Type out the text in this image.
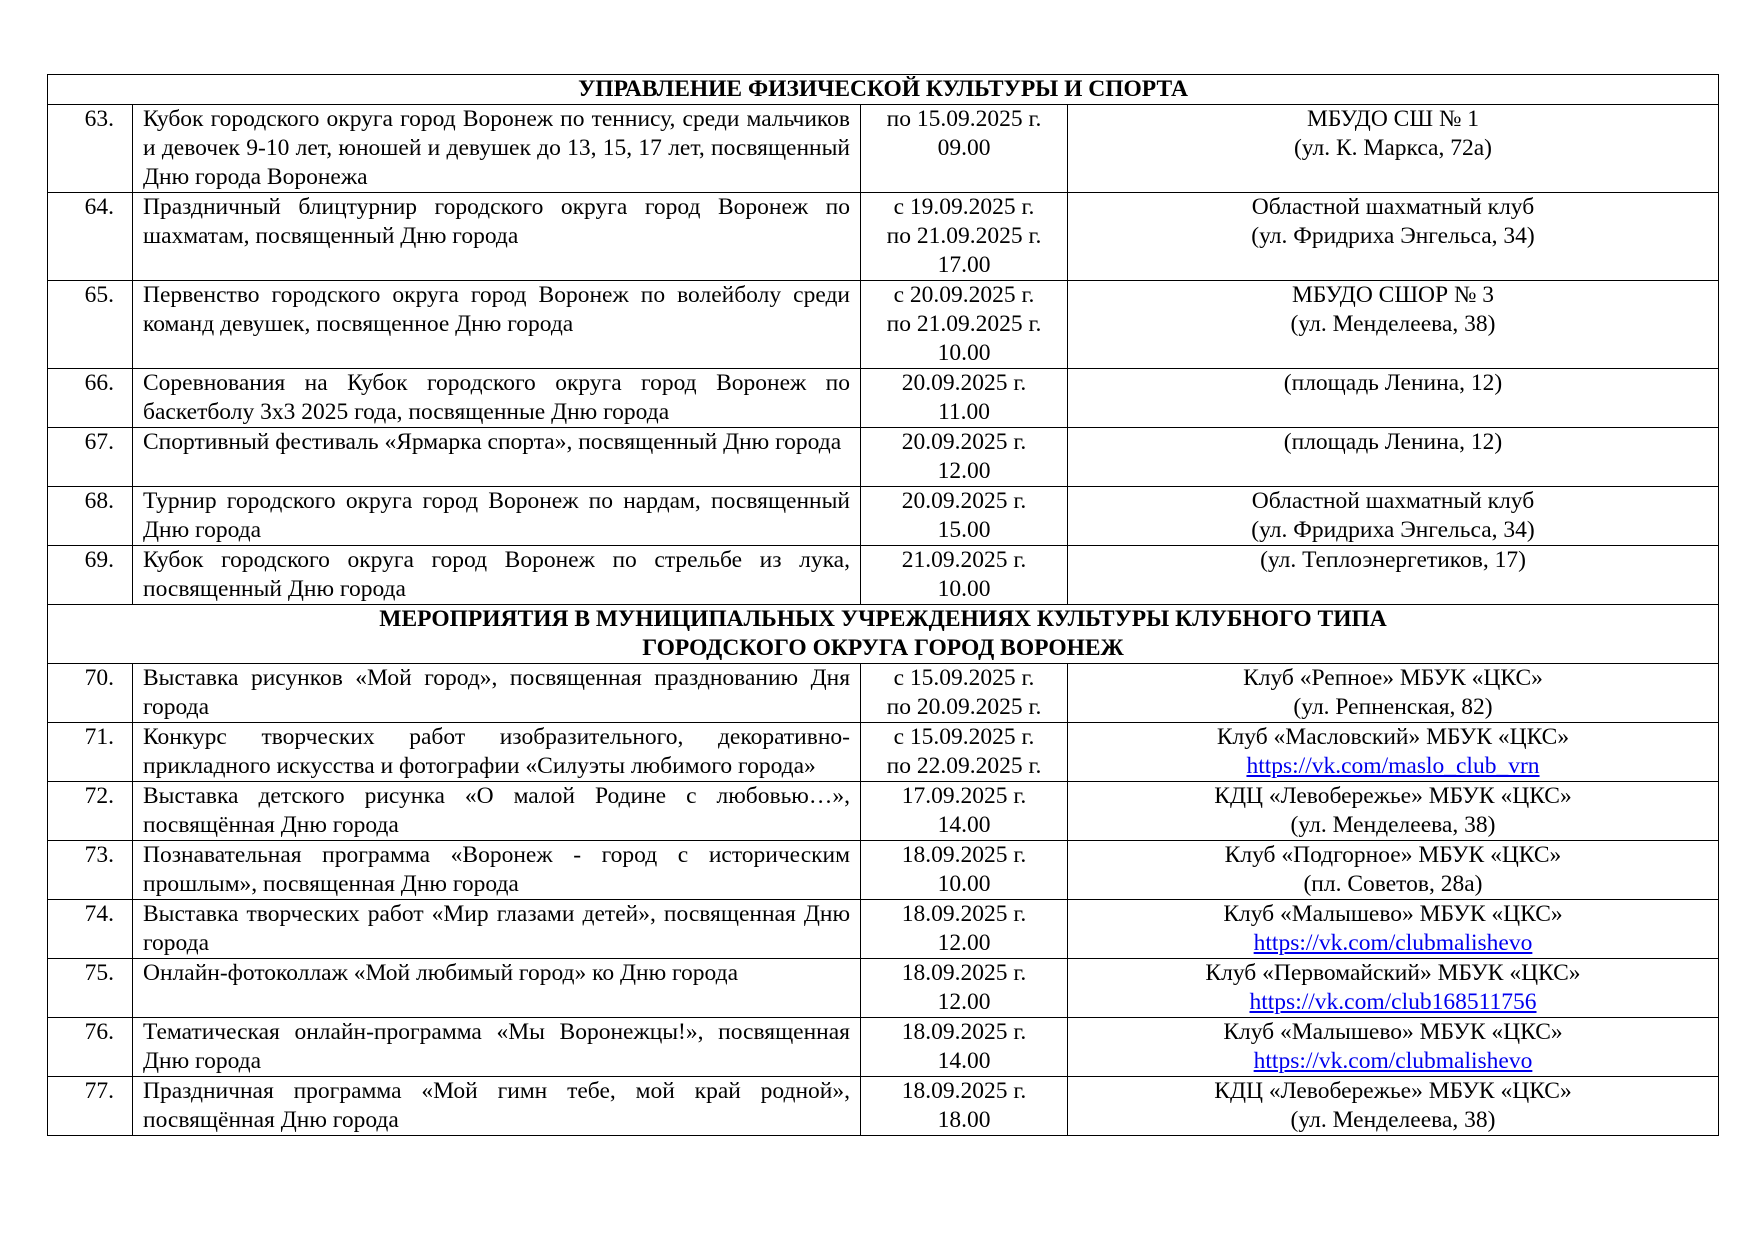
УПРАВЛЕНИЕ ФИЗИЧЕСКОЙ КУЛЬТУРЫ И СПОРТА			

63.	Кубок городского округа город Воронеж по теннису, среди мальчиков и девочек 9-10 лет, юношей и девушек до 13, 15, 17 лет, посвященный Дню города Воронежа	по 15.09.2025 г.
09.00	МБУДО СШ № 1
(ул. К. Маркса, 72а)

64.	Праздничный блицтурнир городского округа город Воронеж по шахматам, посвященный Дню города	с 19.09.2025 г.
по 21.09.2025 г.
17.00	Областной шахматный клуб
(ул. Фридриха Энгельса, 34)

65.	Первенство городского округа город Воронеж по волейболу среди команд девушек, посвященное Дню города	с 20.09.2025 г.
по 21.09.2025 г.
10.00	МБУДО СШОР № 3
(ул. Менделеева, 38)

66.	Соревнования на Кубок городского округа город Воронеж по баскетболу 3х3 2025 года, посвященные Дню города	20.09.2025 г.
11.00	(площадь Ленина, 12)

67.	Спортивный фестиваль «Ярмарка спорта», посвященный Дню города	20.09.2025 г.
12.00	(площадь Ленина, 12)

68.	Турнир городского округа город Воронеж по нардам, посвященный Дню города	20.09.2025 г.
15.00	Областной шахматный клуб
(ул. Фридриха Энгельса, 34)

69.	Кубок городского округа город Воронеж по стрельбе из лука, посвященный Дню города	21.09.2025 г.
10.00	(ул. Теплоэнергетиков, 17)

МЕРОПРИЯТИЯ В МУНИЦИПАЛЬНЫХ УЧРЕЖДЕНИЯХ КУЛЬТУРЫ КЛУБНОГО ТИПА
ГОРОДСКОГО ОКРУГА ГОРОД ВОРОНЕЖ			

70.	Выставка рисунков «Мой город», посвященная празднованию Дня города	с 15.09.2025 г.
по 20.09.2025 г.	Клуб «Репное» МБУК «ЦКС»
(ул. Репненская, 82)

71.	Конкурс творческих работ изобразительного, декоративно-прикладного искусства и фотографии «Силуэты любимого города»	с 15.09.2025 г.
по 22.09.2025 г.	Клуб «Масловский» МБУК «ЦКС»
https://vk.com/maslo_club_vrn

72.	Выставка детского рисунка «О малой Родине с любовью…», посвящённая Дню города	17.09.2025 г.
14.00	КДЦ «Левобережье» МБУК «ЦКС»
(ул. Менделеева, 38)

73.	Познавательная программа «Воронеж - город с историческим прошлым», посвященная Дню города	18.09.2025 г.
10.00	Клуб «Подгорное» МБУК «ЦКС»
(пл. Советов, 28а)

74.	Выставка творческих работ «Мир глазами детей», посвященная Дню города	18.09.2025 г.
12.00	Клуб «Малышево» МБУК «ЦКС»
https://vk.com/clubmalishevo

75.	Онлайн-фотоколлаж «Мой любимый город» ко Дню города	18.09.2025 г.
12.00	Клуб «Первомайский» МБУК «ЦКС»
https://vk.com/club168511756

76.	Тематическая онлайн-программа «Мы Воронежцы!», посвященная Дню города	18.09.2025 г.
14.00	Клуб «Малышево» МБУК «ЦКС»
https://vk.com/clubmalishevo

77.	Праздничная программа «Мой гимн тебе, мой край родной», посвящённая Дню города	18.09.2025 г.
18.00	КДЦ «Левобережье» МБУК «ЦКС»
(ул. Менделеева, 38)
